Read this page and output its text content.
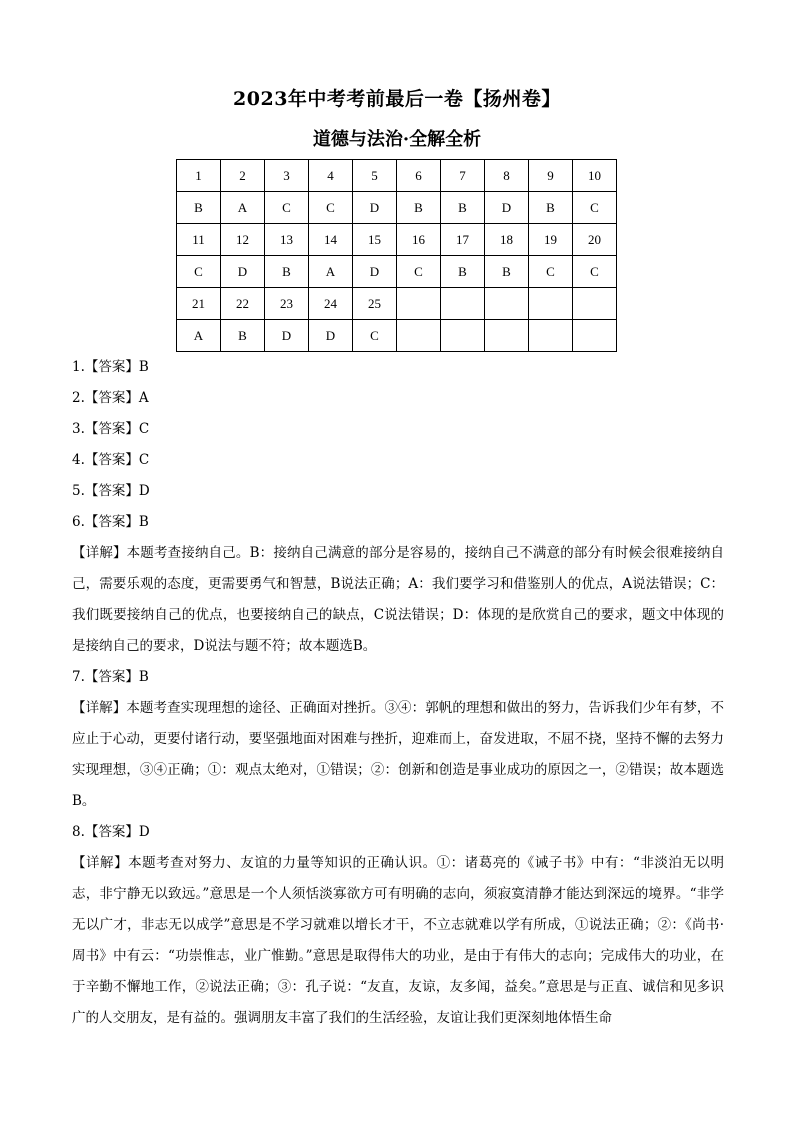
2023年中考考前最后一卷【扬州卷】
道德与法治·全解全析
1	2	3	4	5	6	7	8	9	10
B	A	C	C	D	B	B	D	B	C
11	12	13	14	15	16	17	18	19	20
C	D	B	A	D	C	B	B	C	C
21	22	23	24	25					
A	B	D	D	C					
1.【答案】B
2.【答案】A
3.【答案】C
4.【答案】C
5.【答案】D
6.【答案】B
【详解】本题考查接纳自己。B：接纳自己满意的部分是容易的，接纳自己不满意的部分有时候会很难接纳自己，需要乐观的态度，更需要勇气和智慧，B说法正确；A：我们要学习和借鉴别人的优点，A说法错误；C：我们既要接纳自己的优点，也要接纳自己的缺点，C说法错误；D：体现的是欣赏自己的要求，题文中体现的是接纳自己的要求，D说法与题不符；故本题选B。
7.【答案】B
【详解】本题考查实现理想的途径、正确面对挫折。③④：郭帆的理想和做出的努力，告诉我们少年有梦，不应止于心动，更要付诸行动，要坚强地面对困难与挫折，迎难而上，奋发进取，不屈不挠，坚持不懈的去努力实现理想，③④正确；①：观点太绝对，①错误；②：创新和创造是事业成功的原因之一，②错误；故本题选B。
8.【答案】D
【详解】本题考查对努力、友谊的力量等知识的正确认识。①：诸葛亮的《诫子书》中有：“非淡泊无以明志，非宁静无以致远。”意思是一个人须恬淡寡欲方可有明确的志向，须寂寞清静才能达到深远的境界。“非学无以广才，非志无以成学”意思是不学习就难以增长才干，不立志就难以学有所成，①说法正确；②：《尚书·周书》中有云：“功崇惟志，业广惟勤。”意思是取得伟大的功业，是由于有伟大的志向；完成伟大的功业，在于辛勤不懈地工作，②说法正确；③：孔子说：“友直，友谅，友多闻，益矣。”意思是与正直、诚信和见多识广的人交朋友，是有益的。强调朋友丰富了我们的生活经验，友谊让我们更深刻地体悟生命
